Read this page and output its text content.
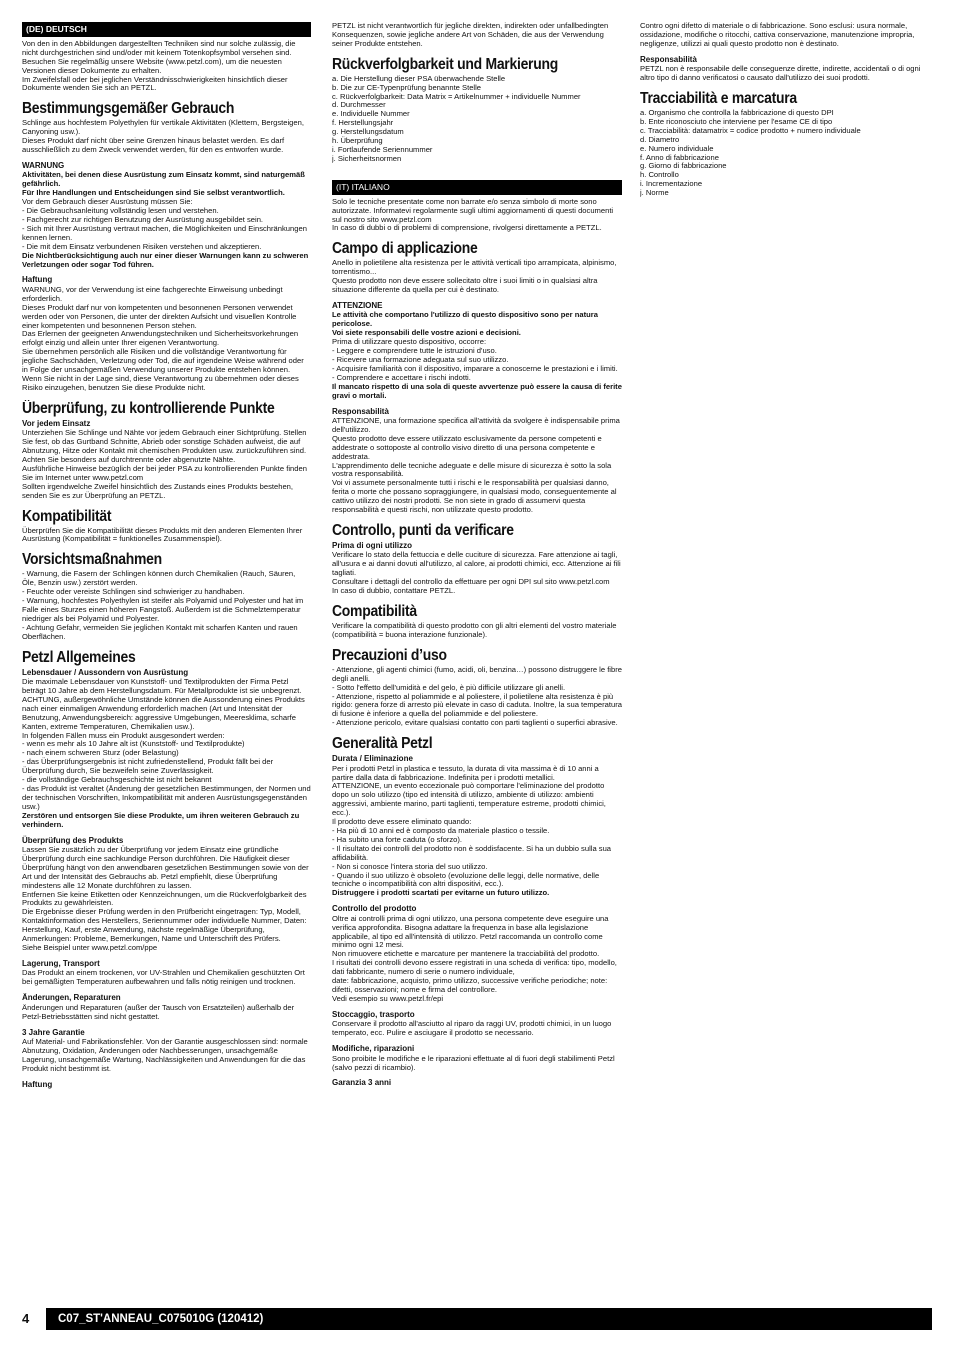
(DE) DEUTSCH

Von den in den Abbildungen dargestellten Techniken sind nur solche zulässig, die nicht durchgestrichen sind und/oder mit keinem Totenkopfsymbol versehen sind. Besuchen Sie regelmäßig unsere Website (www.petzl.com), um die neuesten Versionen dieser Dokumente zu erhalten.
Im Zweifelsfall oder bei jeglichen Verständnisschwierigkeiten hinsichtlich dieser Dokumente wenden Sie sich an PETZL.

Bestimmungsgemäßer Gebrauch

Schlinge aus hochfestem Polyethylen für vertikale Aktivitäten (Klettern, Bergsteigen, Canyoning usw.).
Dieses Produkt darf nicht über seine Grenzen hinaus belastet werden. Es darf ausschließlich zu dem Zweck verwendet werden, für den es entworfen wurde.

WARNUNG

Aktivitäten, bei denen diese Ausrüstung zum Einsatz kommt, sind naturgemäß gefährlich.
Für Ihre Handlungen und Entscheidungen sind Sie selbst verantwortlich.

Vor dem Gebrauch dieser Ausrüstung müssen Sie:
- Die Gebrauchsanleitung vollständig lesen und verstehen.
- Fachgerecht zur richtigen Benutzung der Ausrüstung ausgebildet sein.
- Sich mit Ihrer Ausrüstung vertraut machen, die Möglichkeiten und Einschränkungen kennen lernen.
- Die mit dem Einsatz verbundenen Risiken verstehen und akzeptieren.

Die Nichtberücksichtigung auch nur einer dieser Warnungen kann zu schweren Verletzungen oder sogar Tod führen.

Haftung

WARNUNG, vor der Verwendung ist eine fachgerechte Einweisung unbedingt erforderlich.
Dieses Produkt darf nur von kompetenten und besonnenen Personen verwendet werden oder von Personen, die unter der direkten Aufsicht und visuellen Kontrolle einer kompetenten und besonnenen Person stehen.
Das Erlernen der geeigneten Anwendungstechniken und Sicherheitsvorkehrungen erfolgt einzig und allein unter Ihrer eigenen Verantwortung.
Sie übernehmen persönlich alle Risiken und die vollständige Verantwortung für jegliche Sachschäden, Verletzung oder Tod, die auf irgendeine Weise während oder in Folge der unsachgemäßen Verwendung unserer Produkte entstehen können. Wenn Sie nicht in der Lage sind, diese Verantwortung zu übernehmen oder dieses Risiko einzugehen, benutzen Sie diese Produkte nicht.

Überprüfung, zu kontrollierende Punkte
Vor jedem Einsatz

Unterziehen Sie Schlinge und Nähte vor jedem Gebrauch einer Sichtprüfung. Stellen Sie fest, ob das Gurtband Schnitte, Abrieb oder sonstige Schäden aufweist, die auf Abnutzung, Hitze oder Kontakt mit chemischen Produkten usw. zurückzuführen sind. Achten Sie besonders auf durchtrennte oder abgenutzte Nähte.
Ausführliche Hinweise bezüglich der bei jeder PSA zu kontrollierenden Punkte finden Sie im Internet unter www.petzl.com
Sollten irgendwelche Zweifel hinsichtlich des Zustands eines Produkts bestehen, senden Sie es zur Überprüfung an PETZL.

Kompatibilität

Überprüfen Sie die Kompatibilität dieses Produkts mit den anderen Elementen Ihrer Ausrüstung (Kompatibilität = funktionelles Zusammenspiel).

Vorsichtsmaßnahmen

- Warnung, die Fasern der Schlingen können durch Chemikalien (Rauch, Säuren, Öle, Benzin usw.) zerstört werden.
- Feuchte oder vereiste Schlingen sind schwieriger zu handhaben.
- Warnung, hochfestes Polyethylen ist steifer als Polyamid und Polyester und hat im Falle eines Sturzes einen höheren Fangstoß. Außerdem ist die Schmelztemperatur niedriger als bei Polyamid und Polyester.
- Achtung Gefahr, vermeiden Sie jeglichen Kontakt mit scharfen Kanten und rauen Oberflächen.

Petzl Allgemeines
Lebensdauer / Aussondern von Ausrüstung

Die maximale Lebensdauer von Kunststoff- und Textilprodukten der Firma Petzl beträgt 10 Jahre ab dem Herstellungsdatum. Für Metallprodukte ist sie unbegrenzt.
ACHTUNG, außergewöhnliche Umstände können die Aussonderung eines Produkts nach einer einmaligen Anwendung erforderlich machen (Art und Intensität der Benutzung, Anwendungsbereich: aggressive Umgebungen, Meeresklima, scharfe Kanten, extreme Temperaturen, Chemikalien usw.).
In folgenden Fällen muss ein Produkt ausgesondert werden:
- wenn es mehr als 10 Jahre alt ist (Kunststoff- und Textilprodukte)
- nach einem schweren Sturz (oder Belastung)
- das Überprüfungsergebnis ist nicht zufriedenstellend, Produkt fällt bei der Überprüfung durch, Sie bezweifeln seine Zuverlässigkeit.
- die vollständige Gebrauchsgeschichte ist nicht bekannt
- das Produkt ist veraltet (Änderung der gesetzlichen Bestimmungen, der Normen und der technischen Vorschriften, Inkompatibilität mit anderen Ausrüstungsgegenständen usw.)

Zerstören und entsorgen Sie diese Produkte, um ihren weiteren Gebrauch zu verhindern.

Überprüfung des Produkts

Lassen Sie zusätzlich zu der Überprüfung vor jedem Einsatz eine gründliche Überprüfung durch eine sachkundige Person durchführen. Die Häufigkeit dieser Überprüfung hängt von den anwendbaren gesetzlichen Bestimmungen sowie von der Art und der Intensität des Gebrauchs ab. Petzl empfiehlt, diese Überprüfung mindestens alle 12 Monate durchführen zu lassen.
Entfernen Sie keine Etiketten oder Kennzeichnungen, um die Rückverfolgbarkeit des Produkts zu gewährleisten.
Die Ergebnisse dieser Prüfung werden in den Prüfbericht eingetragen: Typ, Modell, Kontaktinformation des Herstellers, Seriennummer oder individuelle Nummer, Daten: Herstellung, Kauf, erste Anwendung, nächste regelmäßige Überprüfung, Anmerkungen: Probleme, Bemerkungen, Name und Unterschrift des Prüfers.
Siehe Beispiel unter www.petzl.com/ppe

Lagerung, Transport

Das Produkt an einem trockenen, vor UV-Strahlen und Chemikalien geschützten Ort bei gemäßigten Temperaturen aufbewahren und falls nötig reinigen und trocknen.

Änderungen, Reparaturen

Änderungen und Reparaturen (außer der Tausch von Ersatzteilen) außerhalb der Petzl-Betriebsstätten sind nicht gestattet.

3 Jahre Garantie

Auf Material- und Fabrikationsfehler. Von der Garantie ausgeschlossen sind: normale Abnutzung, Oxidation, Änderungen oder Nachbesserungen, unsachgemäße Lagerung, unsachgemäße Wartung, Nachlässigkeiten und Anwendungen für die das Produkt nicht bestimmt ist.

Haftung

PETZL ist nicht verantwortlich für jegliche direkten, indirekten oder unfallbedingten Konsequenzen, sowie jegliche andere Art von Schäden, die aus der Verwendung seiner Produkte entstehen.

Rückverfolgbarkeit und Markierung

a. Die Herstellung dieser PSA überwachende Stelle
b. Die zur CE-Typenprüfung benannte Stelle
c. Rückverfolgbarkeit: Data Matrix = Artikelnummer + individuelle Nummer
d. Durchmesser
e. Individuelle Nummer
f. Herstellungsjahr
g. Herstellungsdatum
h. Überprüfung
i. Fortlaufende Seriennummer
j. Sicherheitsnormen

(IT) ITALIANO

Solo le tecniche presentate come non barrate e/o senza simbolo di morte sono autorizzate. Informatevi regolarmente sugli ultimi aggiornamenti di questi documenti sul nostro sito www.petzl.com
In caso di dubbi o di problemi di comprensione, rivolgersi direttamente a PETZL.

Campo di applicazione

Anello in polietilene alta resistenza per le attività verticali tipo arrampicata, alpinismo, torrentismo...
Questo prodotto non deve essere sollecitato oltre i suoi limiti o in qualsiasi altra situazione differente da quella per cui è destinato.

ATTENZIONE

Le attività che comportano l'utilizzo di questo dispositivo sono per natura pericolose.
Voi siete responsabili delle vostre azioni e decisioni.

Prima di utilizzare questo dispositivo, occorre:
- Leggere e comprendere tutte le istruzioni d'uso.
- Ricevere una formazione adeguata sul suo utilizzo.
- Acquisire familiarità con il dispositivo, imparare a conoscerne le prestazioni e i limiti.
- Comprendere e accettare i rischi indotti.

Il mancato rispetto di una sola di queste avvertenze può essere la causa di ferite gravi o mortali.

Responsabilità

ATTENZIONE, una formazione specifica all'attività da svolgere è indispensabile prima dell'utilizzo.
Questo prodotto deve essere utilizzato esclusivamente da persone competenti e addestrate o sottoposte al controllo visivo diretto di una persona competente e addestrata.
L'apprendimento delle tecniche adeguate e delle misure di sicurezza è sotto la sola vostra responsabilità.
Voi vi assumete personalmente tutti i rischi e le responsabilità per qualsiasi danno, ferita o morte che possano sopraggiungere, in qualsiasi modo, conseguentemente al cattivo utilizzo dei nostri prodotti. Se non siete in grado di assumervi questa responsabilità e questi rischi, non utilizzate questo prodotto.

Controllo, punti da verificare
Prima di ogni utilizzo

Verificare lo stato della fettuccia e delle cuciture di sicurezza. Fare attenzione ai tagli, all'usura e ai danni dovuti all'utilizzo, al calore, ai prodotti chimici, ecc. Attenzione ai fili tagliati.
Consultare i dettagli del controllo da effettuare per ogni DPI sul sito www.petzl.com
In caso di dubbio, contattare PETZL.

Compatibilità

Verificare la compatibilità di questo prodotto con gli altri elementi del vostro materiale (compatibilità = buona interazione funzionale).

Precauzioni d’uso

- Attenzione, gli agenti chimici (fumo, acidi, oli, benzina…) possono distruggere le fibre degli anelli.
- Sotto l'effetto dell'umidità e del gelo, è più difficile utilizzare gli anelli.
- Attenzione, rispetto al poliammide e al poliestere, il polietilene alta resistenza è più rigido: genera forze di arresto più elevate in caso di caduta. Inoltre, la sua temperatura di fusione è inferiore a quella del poliammide e del poliestere.
- Attenzione pericolo, evitare qualsiasi contatto con parti taglienti o superfici abrasive.

Generalità Petzl
Durata / Eliminazione

Per i prodotti Petzl in plastica e tessuto, la durata di vita massima è di 10 anni a partire dalla data di fabbricazione. Indefinita per i prodotti metallici.
ATTENZIONE, un evento eccezionale può comportare l'eliminazione del prodotto dopo un solo utilizzo (tipo ed intensità di utilizzo, ambiente di utilizzo: ambienti aggressivi, ambiente marino, parti taglienti, temperature estreme, prodotti chimici, ecc.).
Il prodotto deve essere eliminato quando:
- Ha più di 10 anni ed è composto da materiale plastico o tessile.
- Ha subito una forte caduta (o sforzo).
- Il risultato dei controlli del prodotto non è soddisfacente. Si ha un dubbio sulla sua affidabilità.
- Non si conosce l'intera storia del suo utilizzo.
- Quando il suo utilizzo è obsoleto (evoluzione delle leggi, delle normative, delle tecniche o incompatibilità con altri dispositivi, ecc.).

Distruggere i prodotti scartati per evitarne un futuro utilizzo.

Controllo del prodotto

Oltre ai controlli prima di ogni utilizzo, una persona competente deve eseguire una verifica approfondita. Bisogna adattare la frequenza in base alla legislazione applicabile, al tipo ed all'intensità di utilizzo. Petzl raccomanda un controllo come minimo ogni 12 mesi.
Non rimuovere etichette e marcature per mantenere la tracciabilità del prodotto.
I risultati dei controlli devono essere registrati in una scheda di verifica: tipo, modello, dati fabbricante, numero di serie o numero individuale,
date: fabbricazione, acquisto, primo utilizzo, successive verifiche periodiche; note: difetti, osservazioni; nome e firma del controllore.
Vedi esempio su www.petzl.fr/epi

Stoccaggio, trasporto

Conservare il prodotto all'asciutto al riparo da raggi UV, prodotti chimici, in un luogo temperato, ecc. Pulire e asciugare il prodotto se necessario.

Modifiche, riparazioni

Sono proibite le modifiche e le riparazioni effettuate al di fuori degli stabilimenti Petzl (salvo pezzi di ricambio).

Garanzia 3 anni

Contro ogni difetto di materiale o di fabbricazione. Sono esclusi: usura normale, ossidazione, modifiche o ritocchi, cattiva conservazione, manutenzione impropria, negligenze, utilizzi ai quali questo prodotto non è destinato.

Responsabilità

PETZL non è responsabile delle conseguenze dirette, indirette, accidentali o di ogni altro tipo di danno verificatosi o causato dall'utilizzo dei suoi prodotti.

Tracciabilità e marcatura

a. Organismo che controlla la fabbricazione di questo DPI
b. Ente riconosciuto che interviene per l'esame CE di tipo
c. Tracciabilità: datamatrix = codice prodotto + numero individuale
d. Diametro
e. Numero individuale
f. Anno di fabbricazione
g. Giorno di fabbricazione
h. Controllo
i. Incrementazione
j. Norme

4	C07_ST'ANNEAU_C075010G (120412)
